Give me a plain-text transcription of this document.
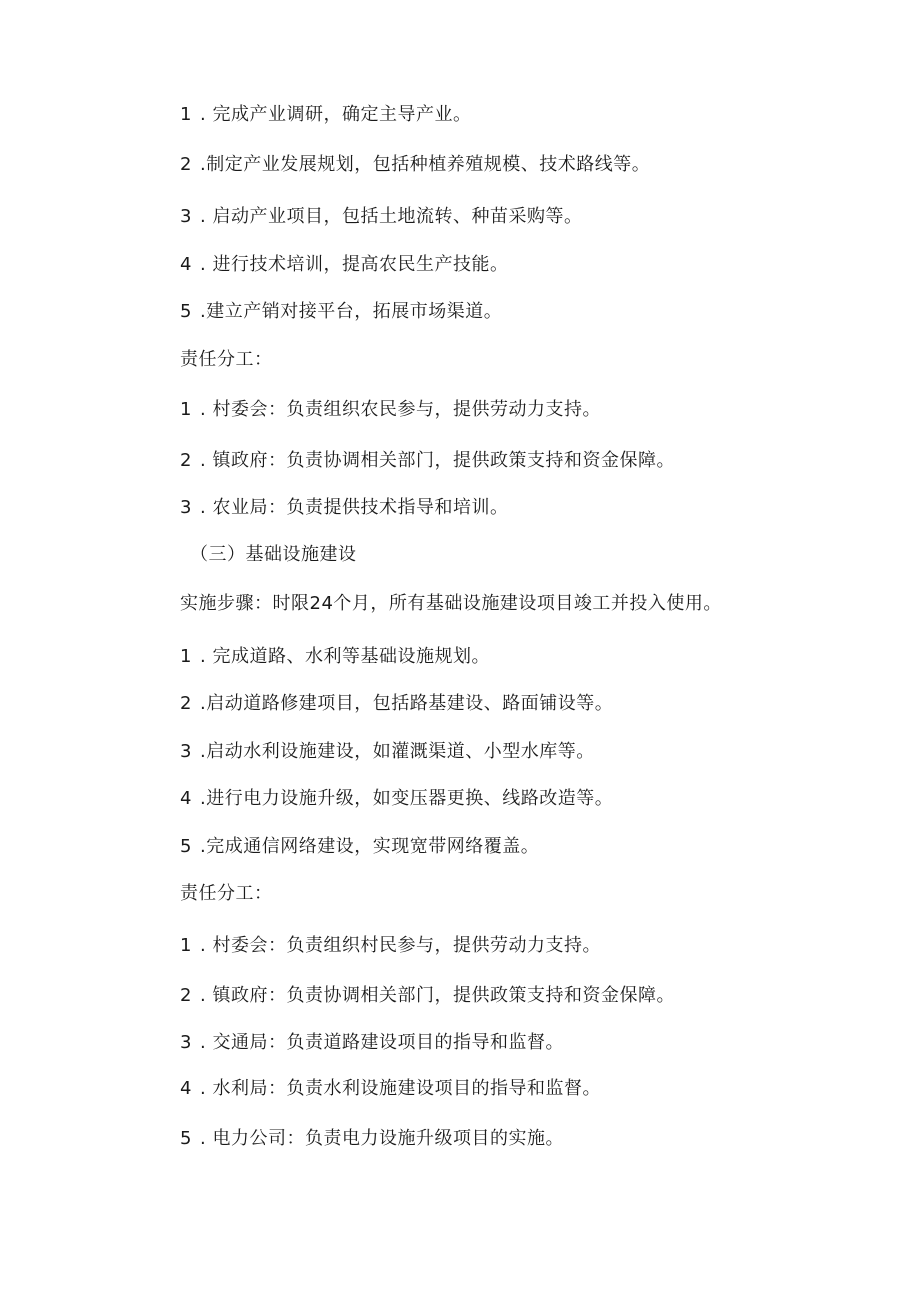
1 . 完成产业调研，确定主导产业。
2 .制定产业发展规划，包括种植养殖规模、技术路线等。
3 . 启动产业项目，包括土地流转、种苗采购等。
4 . 进行技术培训，提高农民生产技能。
5 .建立产销对接平台，拓展市场渠道。
责任分工：
1 . 村委会：负责组织农民参与，提供劳动力支持。
2 . 镇政府：负责协调相关部门，提供政策支持和资金保障。
3 . 农业局：负责提供技术指导和培训。
（三）基础设施建设
实施步骤：时限24个月，所有基础设施建设项目竣工并投入使用。
1 . 完成道路、水利等基础设施规划。
2 .启动道路修建项目，包括路基建设、路面铺设等。
3 .启动水利设施建设，如灌溉渠道、小型水库等。
4 .进行电力设施升级，如变压器更换、线路改造等。
5 .完成通信网络建设，实现宽带网络覆盖。
责任分工：
1 . 村委会：负责组织村民参与，提供劳动力支持。
2 . 镇政府：负责协调相关部门，提供政策支持和资金保障。
3 . 交通局：负责道路建设项目的指导和监督。
4 . 水利局：负责水利设施建设项目的指导和监督。
5 . 电力公司：负责电力设施升级项目的实施。
